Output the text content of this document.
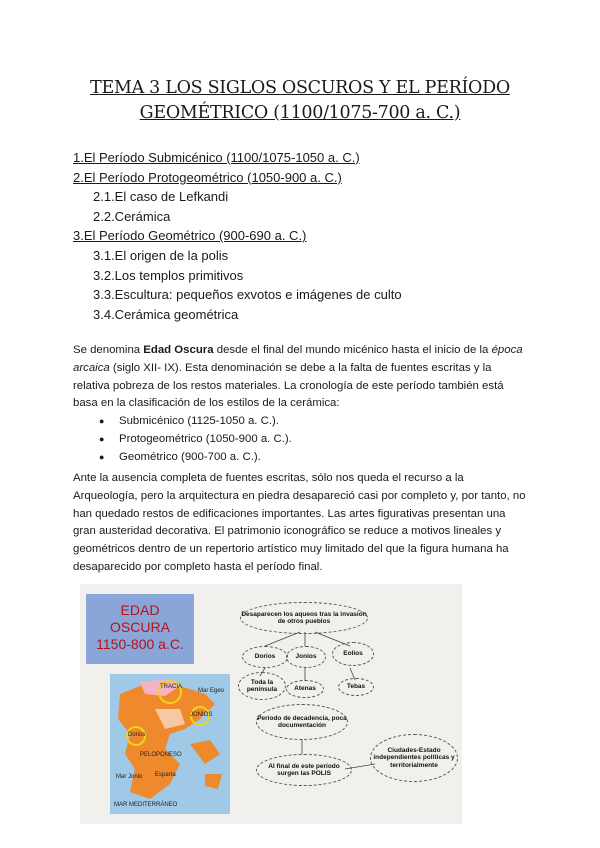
TEMA 3 LOS SIGLOS OSCUROS Y EL PERÍODO GEOMÉTRICO (1100/1075-700 a. C.)
1.El Período Submicénico (1100/1075-1050 a. C.)
2.El Período Protogeométrico (1050-900 a. C.)
2.1.El caso de Lefkandi
2.2.Cerámica
3.El Período Geométrico (900-690 a. C.)
3.1.El origen de la polis
3.2.Los templos primitivos
3.3.Escultura: pequeños exvotos e imágenes de culto
3.4.Cerámica geométrica
Se denomina Edad Oscura desde el final del mundo micénico hasta el inicio de la época arcaica (siglo XII- IX). Esta denominación se debe a la falta de fuentes escritas y la relativa pobreza de los restos materiales. La cronología de este período también está basa en la clasificación de los estilos de la cerámica:
● Submicénico (1125-1050 a. C.).
● Protogeométrico (1050-900 a. C.).
● Geométrico (900-700 a. C.).
Ante la ausencia completa de fuentes escritas, sólo nos queda el recurso a la Arqueología, pero la arquitectura en piedra desapareció casi por completo y, por tanto, no han quedado restos de edificaciones importantes. Las artes figurativas presentan una gran austeridad decorativa. El patrimonio iconográfico se reduce a motivos lineales y geométricos dentro de un repertorio artístico muy limitado del que la figura humana ha desaparecido por completo hasta el período final.
EDAD
OSCURA
1150-800 a.C.
TRACIA
Mar Egeo
JONIOS
PELOPONESO
Dorios
Esparta
Mar Jonio
MAR MEDITERRÁNEO
Desaparecen los aqueos tras la invasión de otros pueblos
Dorios	Jonios	Eolios
Toda la península	Atenas	Tebas
Período de decadencia, poca documentación
Al final de este período surgen las POLIS
Ciudades-Estado independientes políticas y territorialmente
